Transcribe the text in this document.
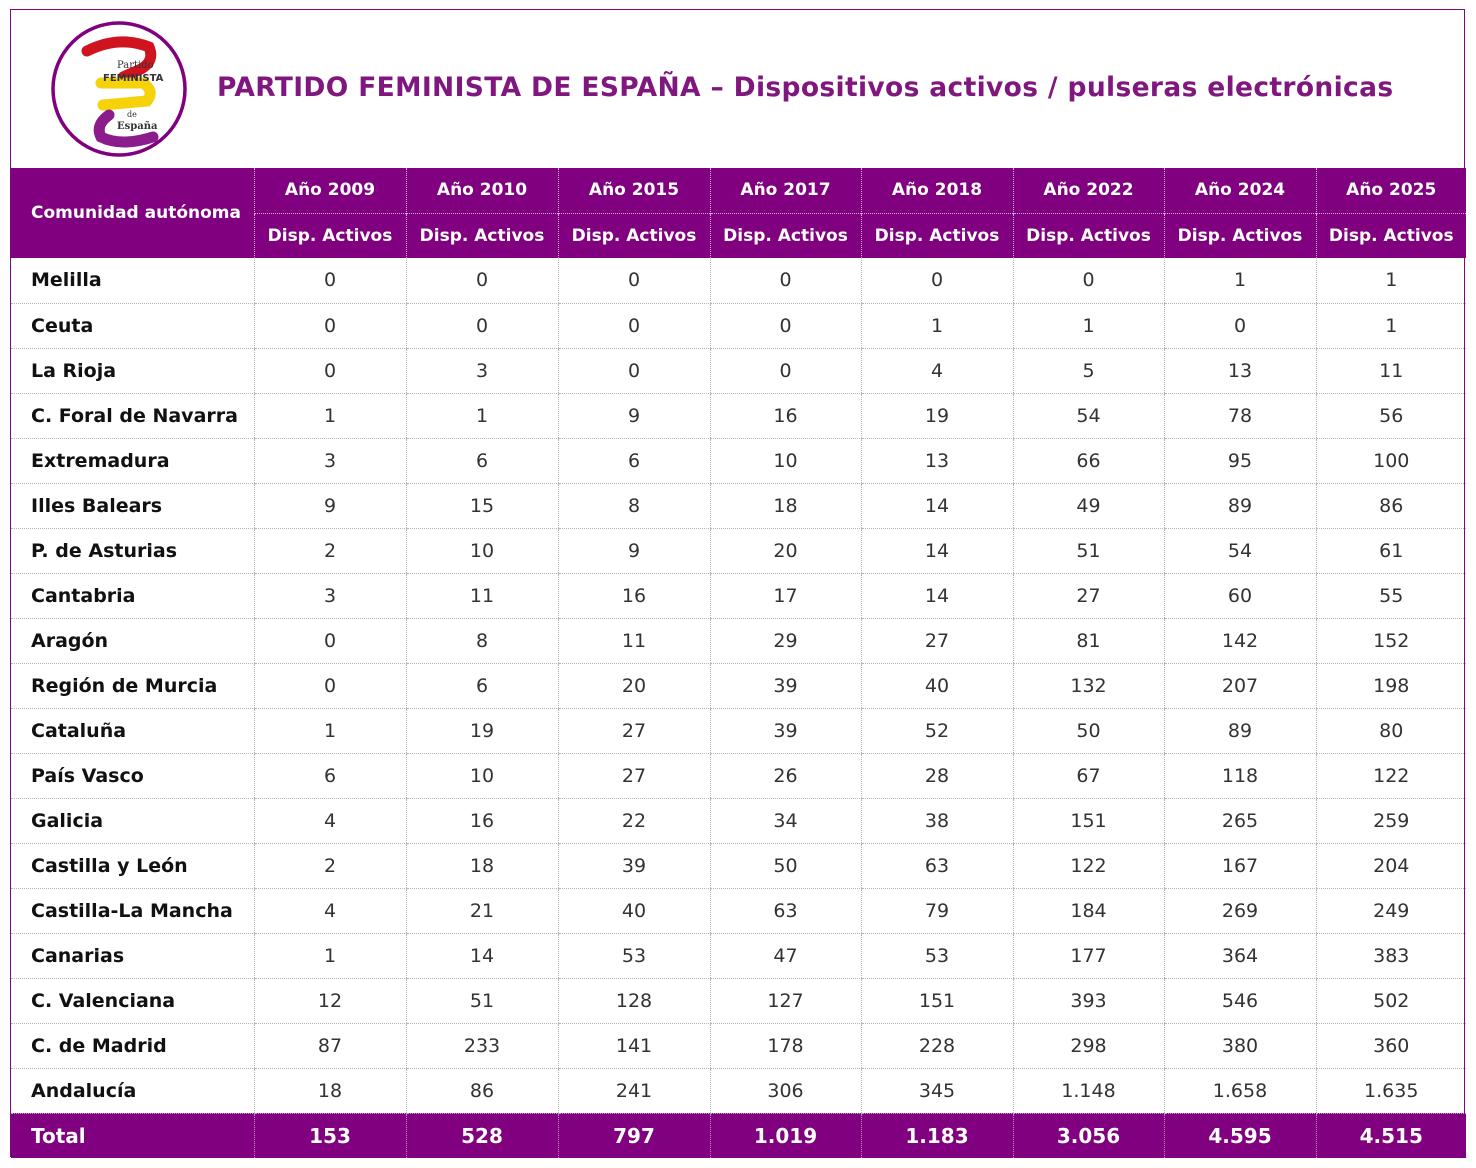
Partido
FEMINISTA
de
España
PARTIDO FEMINISTA DE ESPAÑA – Dispositivos activos / pulseras electrónicas
Comunidad autónoma	Año 2009	Año 2010	Año 2015	Año 2017	Año 2018	Año 2022	Año 2024	Año 2025
	Disp. Activos	Disp. Activos	Disp. Activos	Disp. Activos	Disp. Activos	Disp. Activos	Disp. Activos	Disp. Activos
Melilla	0	0	0	0	0	0	1	1
Ceuta	0	0	0	0	1	1	0	1
La Rioja	0	3	0	0	4	5	13	11
C. Foral de Navarra	1	1	9	16	19	54	78	56
Extremadura	3	6	6	10	13	66	95	100
Illes Balears	9	15	8	18	14	49	89	86
P. de Asturias	2	10	9	20	14	51	54	61
Cantabria	3	11	16	17	14	27	60	55
Aragón	0	8	11	29	27	81	142	152
Región de Murcia	0	6	20	39	40	132	207	198
Cataluña	1	19	27	39	52	50	89	80
País Vasco	6	10	27	26	28	67	118	122
Galicia	4	16	22	34	38	151	265	259
Castilla y León	2	18	39	50	63	122	167	204
Castilla-La Mancha	4	21	40	63	79	184	269	249
Canarias	1	14	53	47	53	177	364	383
C. Valenciana	12	51	128	127	151	393	546	502
C. de Madrid	87	233	141	178	228	298	380	360
Andalucía	18	86	241	306	345	1.148	1.658	1.635
Total	153	528	797	1.019	1.183	3.056	4.595	4.515
